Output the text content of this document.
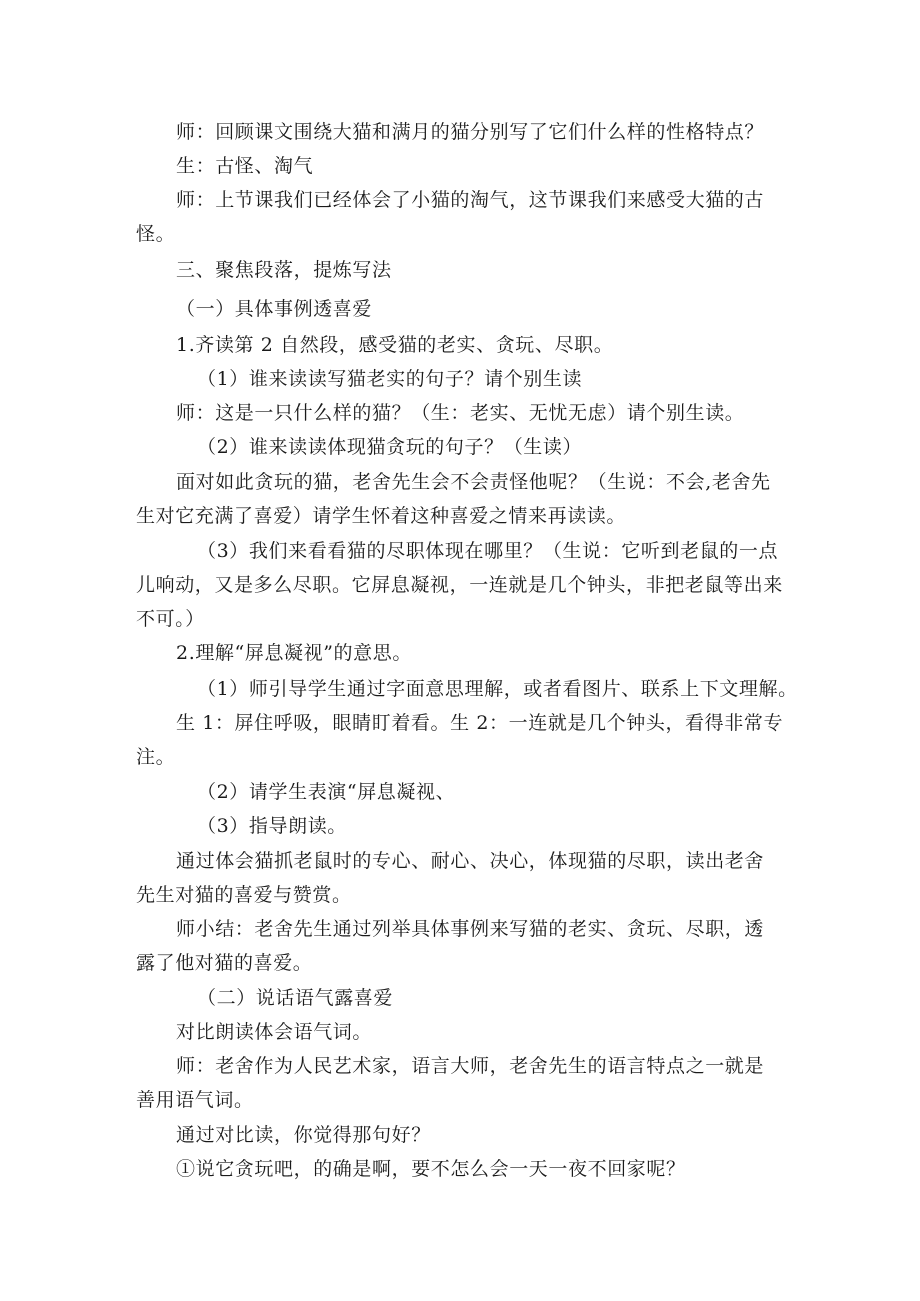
师：回顾课文围绕大猫和满月的猫分别写了它们什么样的性格特点？
生：古怪、淘气
师：上节课我们已经体会了小猫的淘气，这节课我们来感受大猫的古
怪。
三、聚焦段落，提炼写法
（一）具体事例透喜爱
1.齐读第 2 自然段，感受猫的老实、贪玩、尽职。
（1）谁来读读写猫老实的句子？请个别生读
师：这是一只什么样的猫？（生：老实、无忧无虑）请个别生读。
（2）谁来读读体现猫贪玩的句子？（生读）
面对如此贪玩的猫，老舍先生会不会责怪他呢？（生说：不会,老舍先
生对它充满了喜爱）请学生怀着这种喜爱之情来再读读。
（3）我们来看看猫的尽职体现在哪里？（生说：它听到老鼠的一点
儿响动，又是多么尽职。它屏息凝视，一连就是几个钟头，非把老鼠等出来
不可。）
2.理解“屏息凝视”的意思。
（1）师引导学生通过字面意思理解，或者看图片、联系上下文理解。
生 1：屏住呼吸，眼睛盯着看。生 2：一连就是几个钟头，看得非常专
注。
（2）请学生表演“屏息凝视、
（3）指导朗读。
通过体会猫抓老鼠时的专心、耐心、决心，体现猫的尽职，读出老舍
先生对猫的喜爱与赞赏。
师小结：老舍先生通过列举具体事例来写猫的老实、贪玩、尽职，透
露了他对猫的喜爱。
（二）说话语气露喜爱
对比朗读体会语气词。
师：老舍作为人民艺术家，语言大师，老舍先生的语言特点之一就是
善用语气词。
通过对比读，你觉得那句好？
①说它贪玩吧，的确是啊，要不怎么会一天一夜不回家呢？
